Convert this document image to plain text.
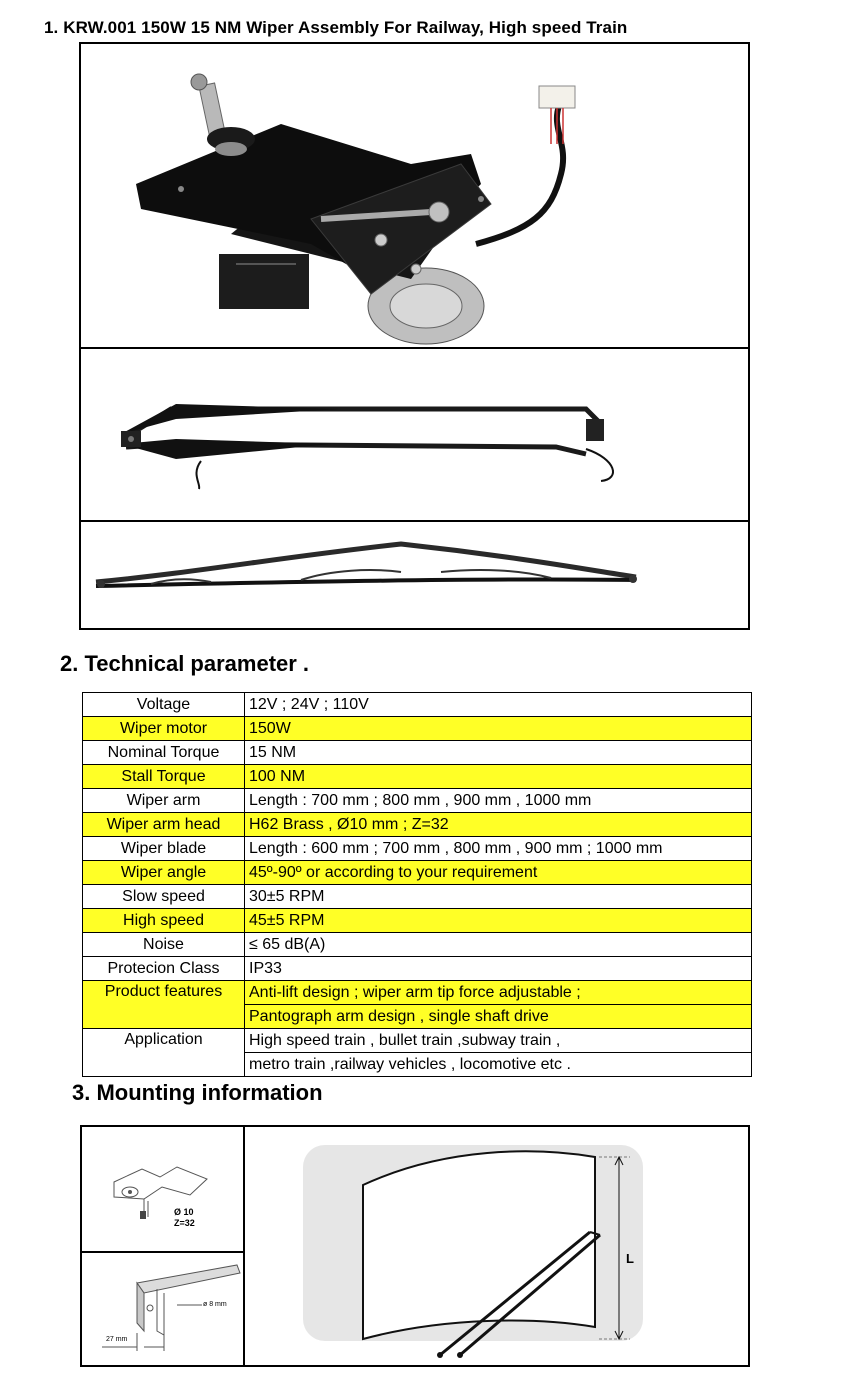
1. KRW.001 150W 15 NM Wiper Assembly For Railway, High speed Train
2. Technical parameter .
Voltage	12V ; 24V ; 110V
Wiper motor	150W
Nominal Torque	15 NM
Stall Torque	100 NM
Wiper arm	Length : 700 mm ; 800 mm , 900 mm , 1000 mm
Wiper arm head	H62 Brass , Ø10 mm ; Z=32
Wiper blade	Length : 600 mm ; 700 mm , 800 mm , 900 mm ; 1000 mm
Wiper angle	45º-90º or according to your requirement
Slow speed	30±5 RPM
High speed	45±5 RPM
Noise	≤ 65 dB(A)
Protecion Class	IP33
Product features	Anti-lift design ; wiper arm tip force adjustable ;
	Pantograph arm design , single shaft drive
Application	High speed train , bullet train ,subway train ,
	metro train ,railway vehicles , locomotive etc .
3. Mounting information
Ø 10
Z=32
ø 8 mm
27 mm
L
